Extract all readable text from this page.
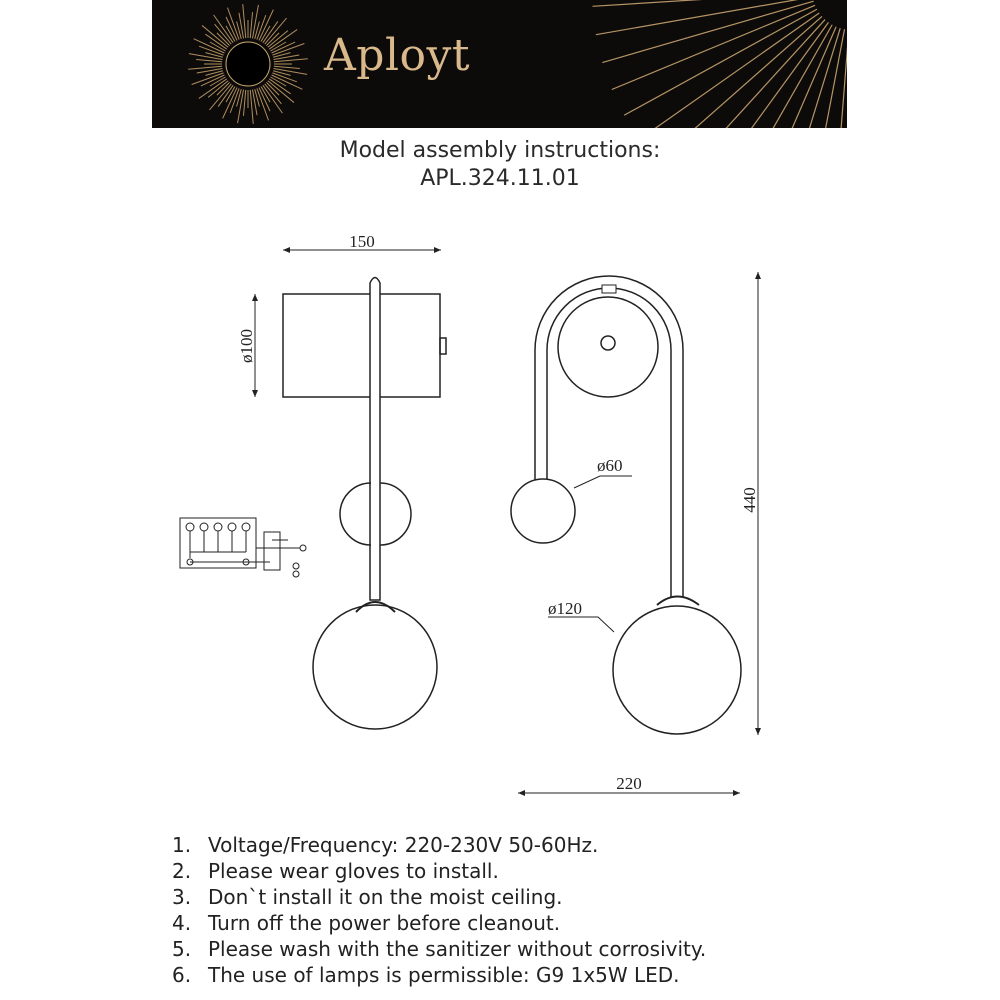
Aployt
Model assembly instructions:
APL.324.11.01
150
ø100
ø60
ø120
440
220
1. Voltage/Frequency: 220-230V 50-60Hz.
2. Please wear gloves to install.
3. Don`t install it on the moist ceiling.
4. Turn off the power before cleanout.
5. Please wash with the sanitizer without corrosivity.
6. The use of lamps is permissible: G9 1x5W LED.
